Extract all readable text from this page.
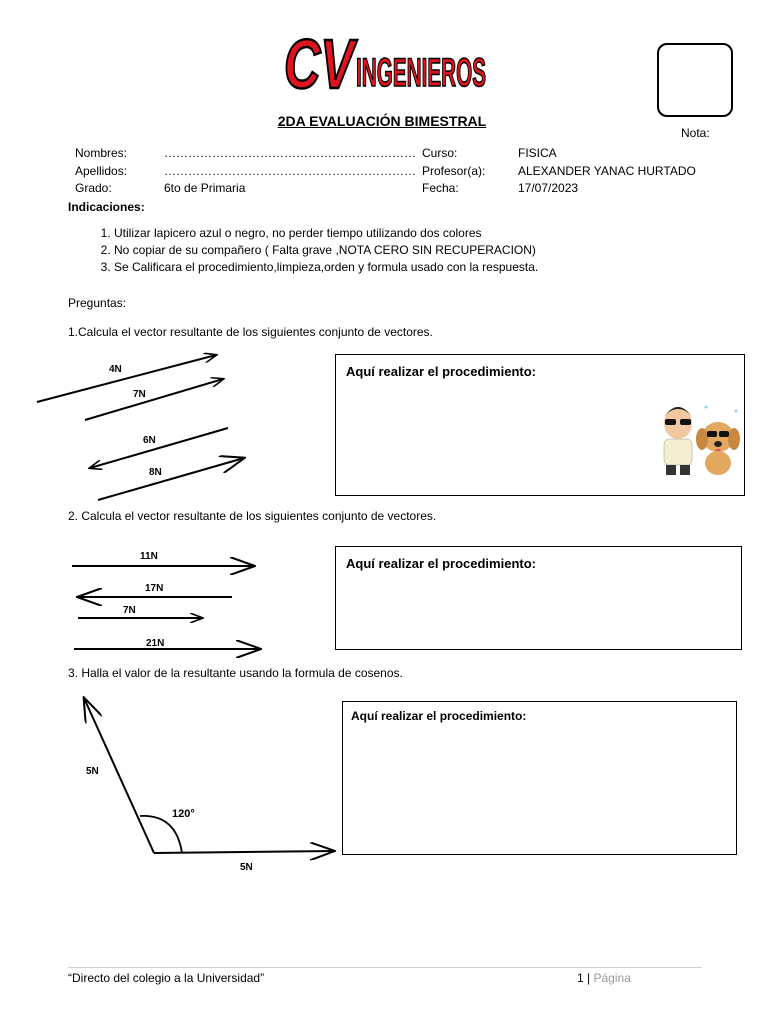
CV
INGENIEROS
Nota:
2DA EVALUACIÓN BIMESTRAL
Nombres:	………………………………………………………
Apellidos:	………………………………………………………
Grado:	6to de Primaria
Curso:	FISICA
Profesor(a):	ALEXANDER YANAC HURTADO
Fecha:	17/07/2023
Indicaciones:
1. Utilizar lapicero azul o negro, no perder tiempo utilizando dos colores
2. No copiar de su compañero ( Falta grave ,NOTA CERO SIN RECUPERACION)
3. Se Calificara el procedimiento,limpieza,orden y formula usado con la respuesta.
Preguntas:
1.Calcula el vector resultante de los siguientes conjunto de vectores.
4N
7N
6N
8N
Aquí realizar el procedimiento:
2. Calcula el vector resultante de los siguientes conjunto de vectores.
11N
17N
7N
21N
Aquí realizar el procedimiento:
3. Halla el valor de la resultante usando la formula de cosenos.
5N
120°
5N
Aquí realizar el procedimiento:
“Directo del colegio a la Universidad”	1 | Página
